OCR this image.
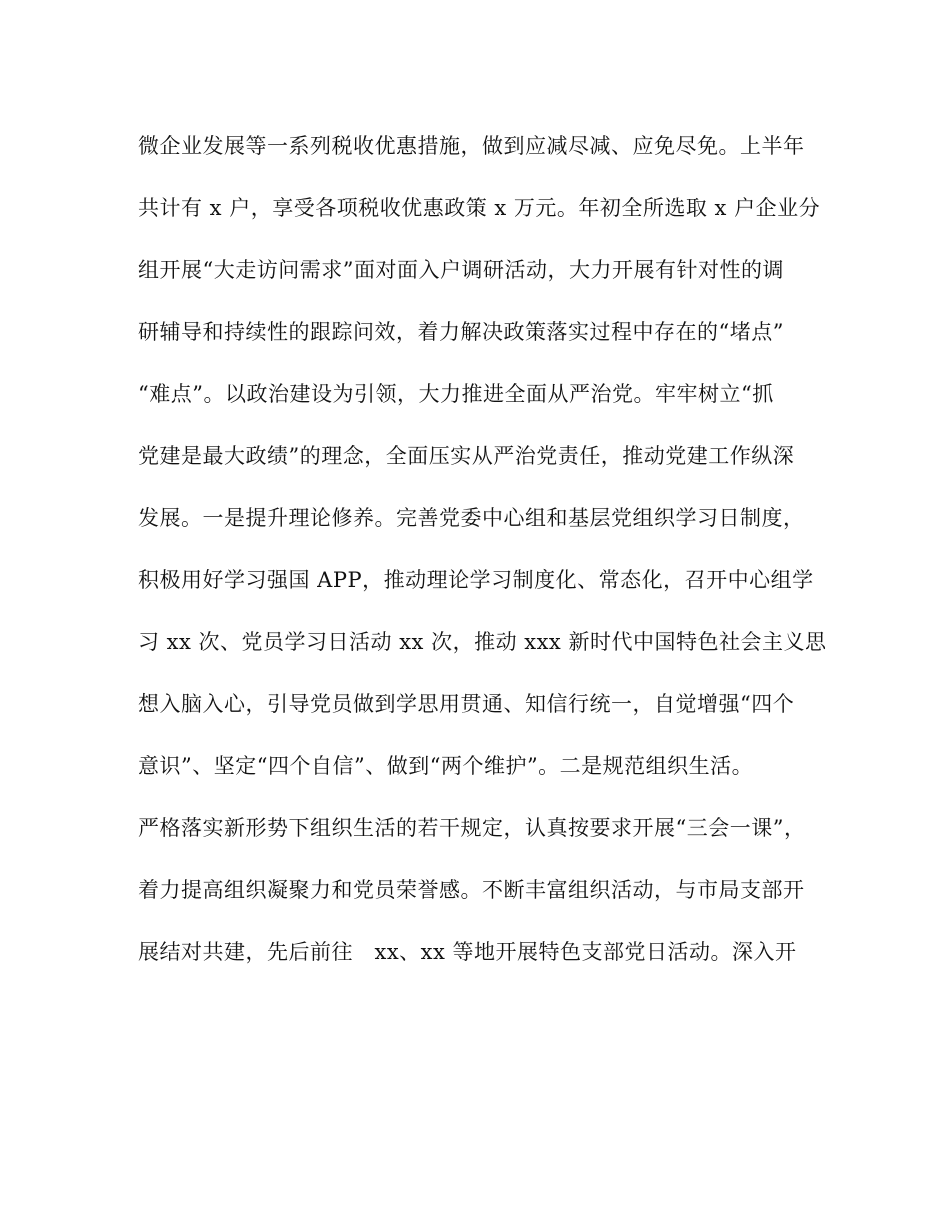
微企业发展等一系列税收优惠措施，做到应减尽减、应免尽免。上半年

共计有 x 户，享受各项税收优惠政策 x 万元。年初全所选取 x 户企业分

组开展“大走访问需求”面对面入户调研活动，大力开展有针对性的调

研辅导和持续性的跟踪问效，着力解决政策落实过程中存在的“堵点”

“难点”。以政治建设为引领，大力推进全面从严治党。牢牢树立“抓

党建是最大政绩”的理念，全面压实从严治党责任，推动党建工作纵深

发展。一是提升理论修养。完善党委中心组和基层党组织学习日制度，

积极用好学习强国 APP，推动理论学习制度化、常态化，召开中心组学

习 xx 次、党员学习日活动 xx 次，推动 xxx 新时代中国特色社会主义思

想入脑入心，引导党员做到学思用贯通、知信行统一，自觉增强“四个

意识”、坚定“四个自信”、做到“两个维护”。二是规范组织生活。

严格落实新形势下组织生活的若干规定，认真按要求开展“三会一课”，

着力提高组织凝聚力和党员荣誉感。不断丰富组织活动，与市局支部开

展结对共建，先后前往　xx、xx 等地开展特色支部党日活动。深入开
